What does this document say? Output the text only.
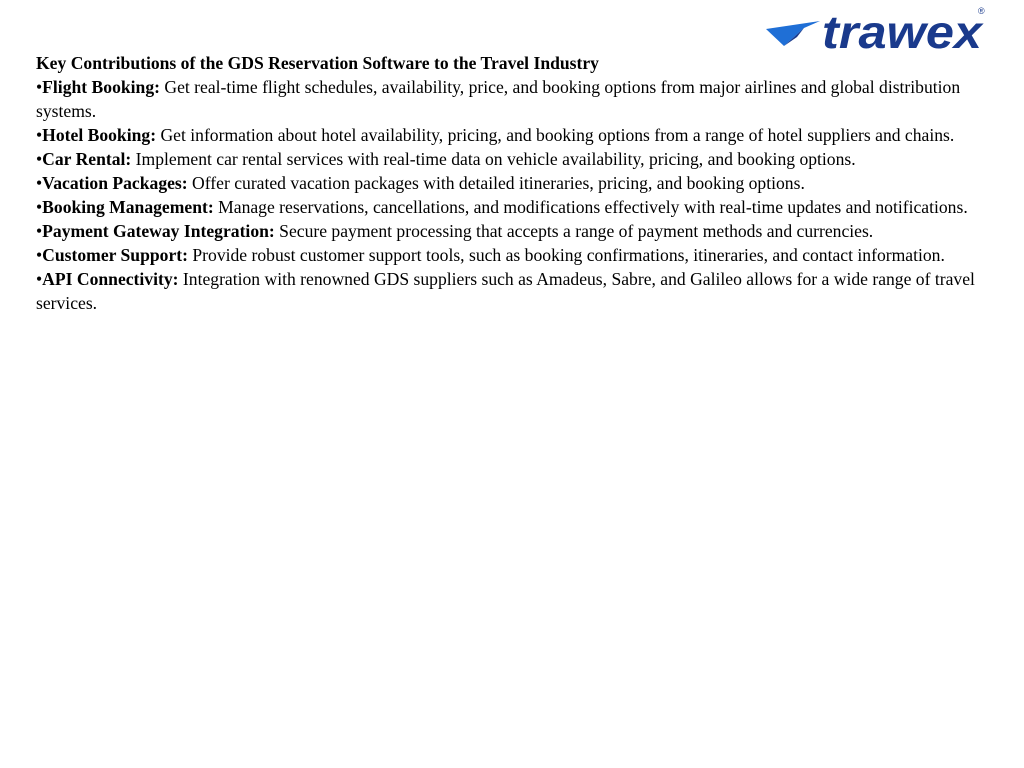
trawex
®
Key Contributions of the GDS Reservation Software to the Travel Industry
•Flight Booking: Get real-time flight schedules, availability, price, and booking options from major airlines and global distribution systems.
•Hotel Booking: Get information about hotel availability, pricing, and booking options from a range of hotel suppliers and chains.
•Car Rental: Implement car rental services with real-time data on vehicle availability, pricing, and booking options.
•Vacation Packages: Offer curated vacation packages with detailed itineraries, pricing, and booking options.
•Booking Management: Manage reservations, cancellations, and modifications effectively with real-time updates and notifications.
•Payment Gateway Integration: Secure payment processing that accepts a range of payment methods and currencies.
•Customer Support: Provide robust customer support tools, such as booking confirmations, itineraries, and contact information.
•API Connectivity: Integration with renowned GDS suppliers such as Amadeus, Sabre, and Galileo allows for a wide range of travel services.
